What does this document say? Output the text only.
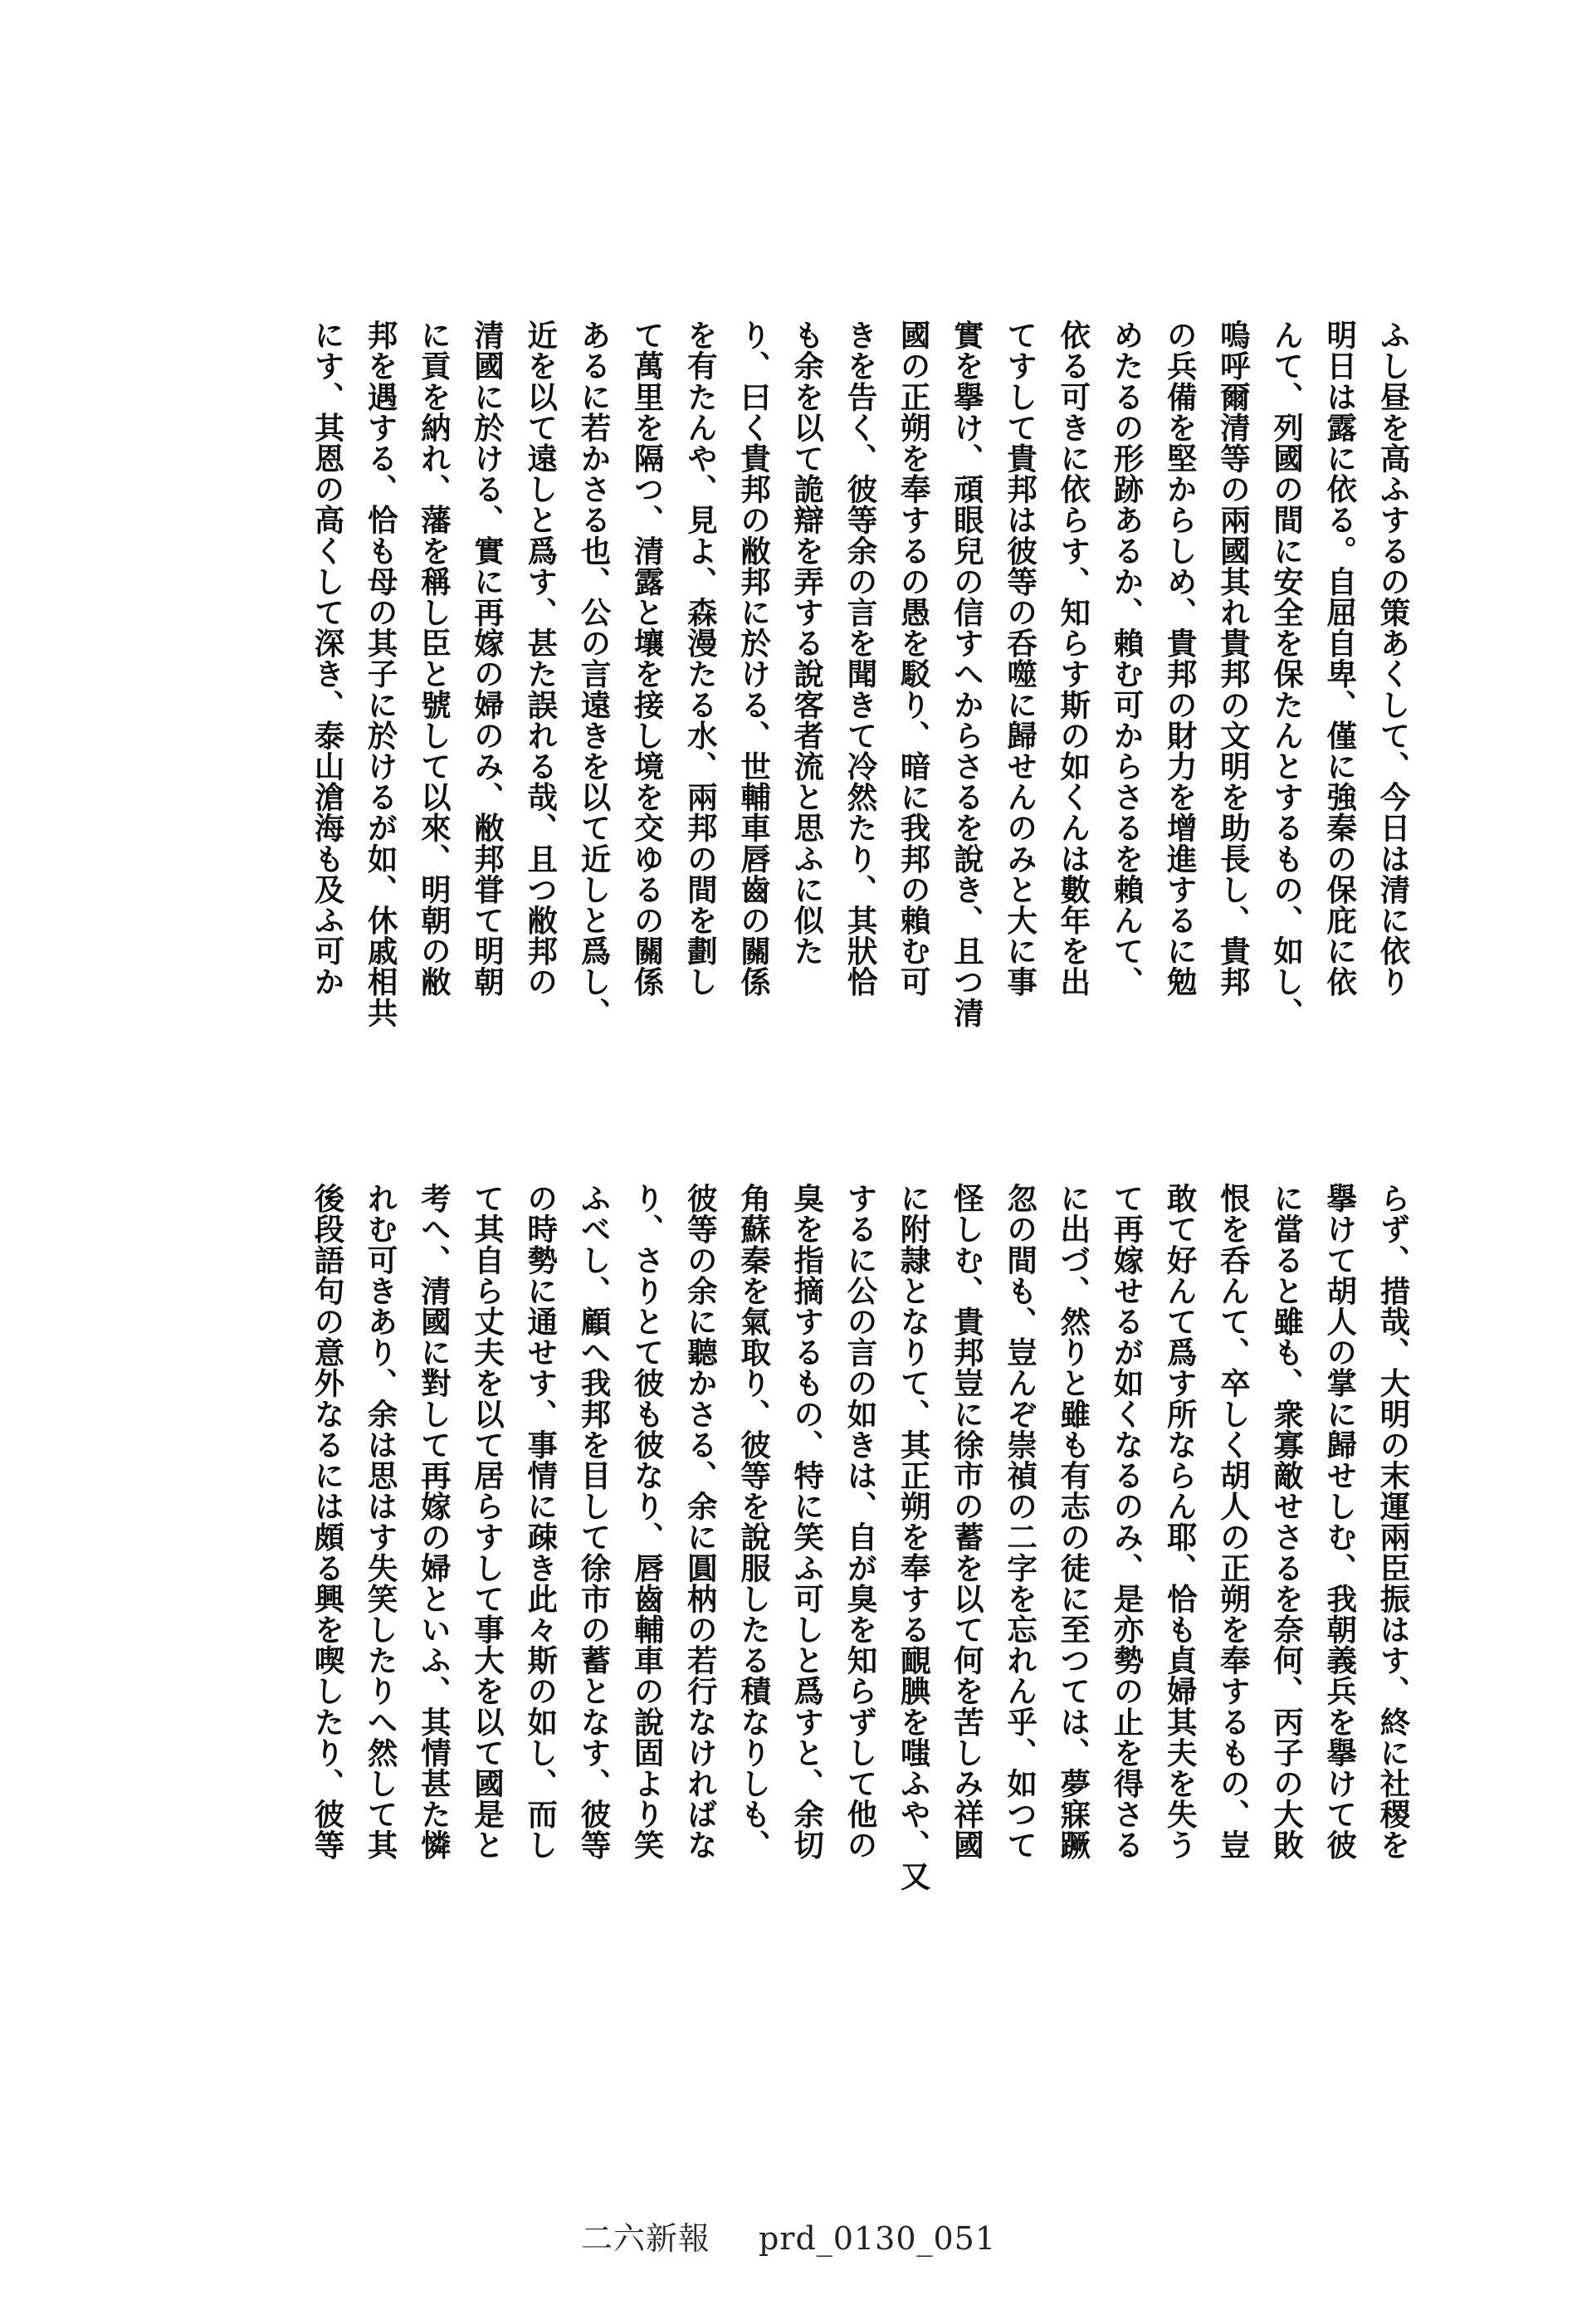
ふし昼を高ふするの策あくして、今日は清に依り
明日は露に依る。自屈自卑、僅に強秦の保庇に依
んて、列國の間に安全を保たんとするもの、如し、
嗚呼爾清等の兩國其れ貴邦の文明を助長し、貴邦
の兵備を堅からしめ、貴邦の財力を增進するに勉
めたるの形跡あるか、賴む可からさるを賴んて、
依る可きに依らす、知らす斯の如くんは數年を出
てすして貴邦は彼等の呑噬に歸せんのみと大に事
實を擧け、頑眼兒の信すへからさるを說き、且つ清
國の正朔を奉するの愚を駁り、暗に我邦の賴む可
きを告く、彼等余の言を聞きて冷然たり、其狀恰
も余を以て詭辯を弄する說客者流と思ふに似た
り、曰く貴邦の敝邦に於ける、世輔車唇齒の關係
を有たんや、見よ、森漫たる水、兩邦の間を劃し
て萬里を隔つ、清露と壤を接し境を交ゆるの關係
あるに若かさる也、公の言遠きを以て近しと爲し、
近を以て遠しと爲す、甚た誤れる哉、且つ敝邦の
清國に於ける、實に再嫁の婦のみ、敝邦甞て明朝
に貢を納れ、藩を稱し臣と號して以來、明朝の敝
邦を遇する、恰も母の其子に於けるが如、休戚相共
にす、其恩の高くして深き、泰山滄海も及ふ可か
らず、措哉、大明の末運兩臣振はす、終に社稷を
擧けて胡人の掌に歸せしむ、我朝義兵を擧けて彼
に當ると雖も、衆寡敵せさるを奈何、丙子の大敗
恨を呑んて、卒しく胡人の正朔を奉するもの、豈
敢て好んて爲す所ならん耶、恰も貞婦其夫を失う
て再嫁せるが如くなるのみ、是亦勢の止を得さる
に出づ、然りと雖も有志の徒に至つては、夢寐蹶
忽の間も、豈んぞ崇禎の二字を忘れん乎、如つて
怪しむ、貴邦豈に徐市の蓄を以て何を苦しみ祥國
に附隷となりて、其正朔を奉する靦腆を嗤ふや、又
するに公の言の如きは、自が臭を知らずして他の
臭を指摘するもの、特に笑ふ可しと爲すと、余切
角蘇秦を氣取り、彼等を說服したる積なりしも、
彼等の余に聽かさる、余に圓枘の若行なければな
り、さりとて彼も彼なり、唇齒輔車の說固より笑
ふべし、顧へ我邦を目して徐市の蓄となす、彼等
の時勢に通せす、事情に疎き此々斯の如し、而し
て其自ら丈夫を以て居らすして事大を以て國是と
考へ、清國に對して再嫁の婦といふ、其情甚た憐
れむ可きあり、余は思はす失笑したりへ然して其
後段語句の意外なるには頗る興を喫したり、彼等
二六新報 prd_0130_051
